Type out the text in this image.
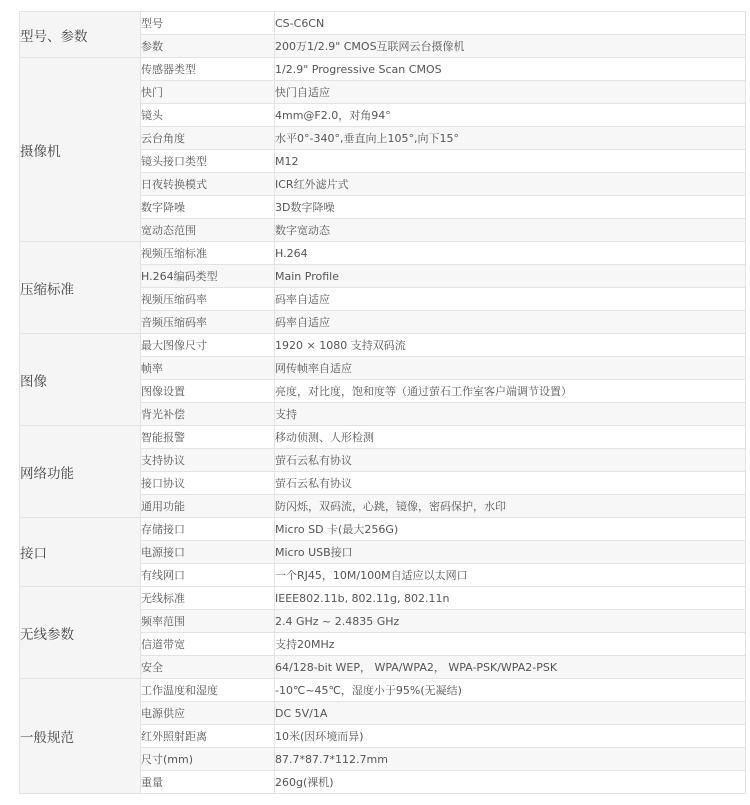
型号、参数	型号	CS-C6CN
	参数	200万1/2.9" CMOS互联网云台摄像机
摄像机	传感器类型	1/2.9" Progressive Scan CMOS
	快门	快门自适应
	镜头	4mm@F2.0，对角94°
	云台角度	水平0°-340°,垂直向上105°,向下15°
	镜头接口类型	M12
	日夜转换模式	ICR红外滤片式
	数字降噪	3D数字降噪
	宽动态范围	数字宽动态
压缩标准	视频压缩标准	H.264
	H.264编码类型	Main Profile
	视频压缩码率	码率自适应
	音频压缩码率	码率自适应
图像	最大图像尺寸	1920 × 1080 支持双码流
	帧率	网传帧率自适应
	图像设置	亮度，对比度，饱和度等（通过萤石工作室客户端调节设置）
	背光补偿	支持
网络功能	智能报警	移动侦测、人形检测
	支持协议	萤石云私有协议
	接口协议	萤石云私有协议
	通用功能	防闪烁，双码流，心跳，镜像，密码保护，水印
接口	存储接口	Micro SD 卡(最大256G)
	电源接口	Micro USB接口
	有线网口	一个RJ45，10M/100M自适应以太网口
无线参数	无线标准	IEEE802.11b, 802.11g, 802.11n
	频率范围	2.4 GHz ~ 2.4835 GHz
	信道带宽	支持20MHz
	安全	64/128-bit WEP， WPA/WPA2， WPA-PSK/WPA2-PSK
一般规范	工作温度和湿度	-10℃~45℃，湿度小于95%(无凝结)
	电源供应	DC 5V/1A
	红外照射距离	10米(因环境而异)
	尺寸(mm)	87.7*87.7*112.7mm
	重量	260g(裸机)
